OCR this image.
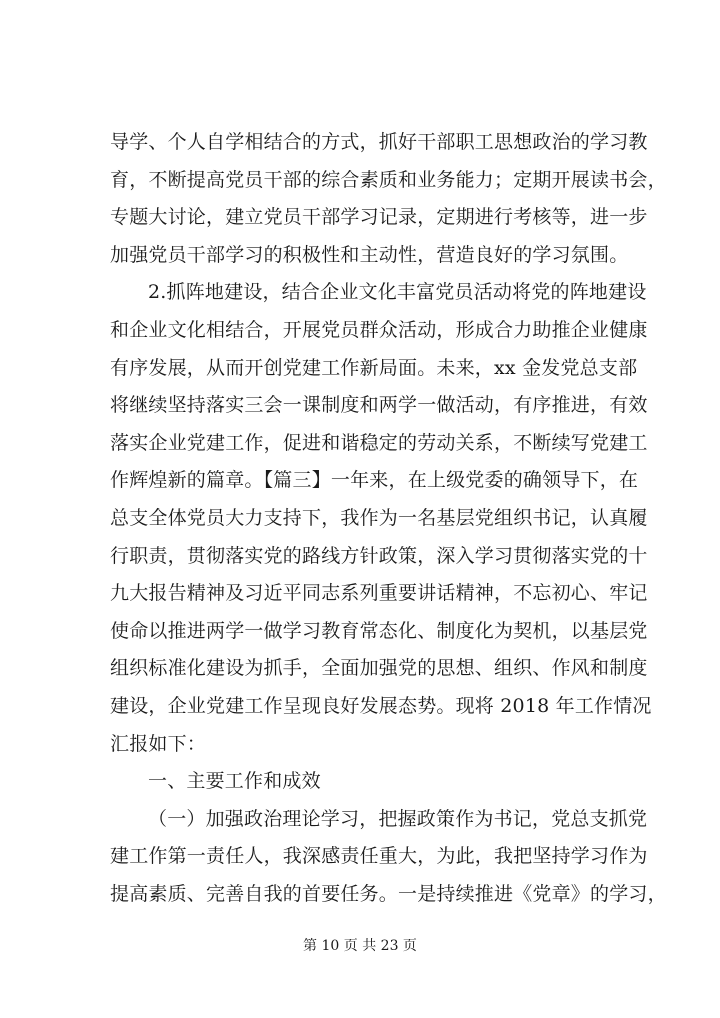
导学、个人自学相结合的方式，抓好干部职工思想政治的学习教
育，不断提高党员干部的综合素质和业务能力；定期开展读书会，
专题大讨论，建立党员干部学习记录，定期进行考核等，进一步
加强党员干部学习的积极性和主动性，营造良好的学习氛围。
2.抓阵地建设，结合企业文化丰富党员活动将党的阵地建设
和企业文化相结合，开展党员群众活动，形成合力助推企业健康
有序发展，从而开创党建工作新局面。未来，xx 金发党总支部
将继续坚持落实三会一课制度和两学一做活动，有序推进，有效
落实企业党建工作，促进和谐稳定的劳动关系，不断续写党建工
作辉煌新的篇章。【篇三】一年来，在上级党委的确领导下，在
总支全体党员大力支持下，我作为一名基层党组织书记，认真履
行职责，贯彻落实党的路线方针政策，深入学习贯彻落实党的十
九大报告精神及习近平同志系列重要讲话精神，不忘初心、牢记
使命以推进两学一做学习教育常态化、制度化为契机，以基层党
组织标准化建设为抓手，全面加强党的思想、组织、作风和制度
建设，企业党建工作呈现良好发展态势。现将 2018 年工作情况
汇报如下：
一、主要工作和成效
（一）加强政治理论学习，把握政策作为书记，党总支抓党
建工作第一责任人，我深感责任重大，为此，我把坚持学习作为
提高素质、完善自我的首要任务。一是持续推进《党章》的学习，
第 10 页 共 23 页
